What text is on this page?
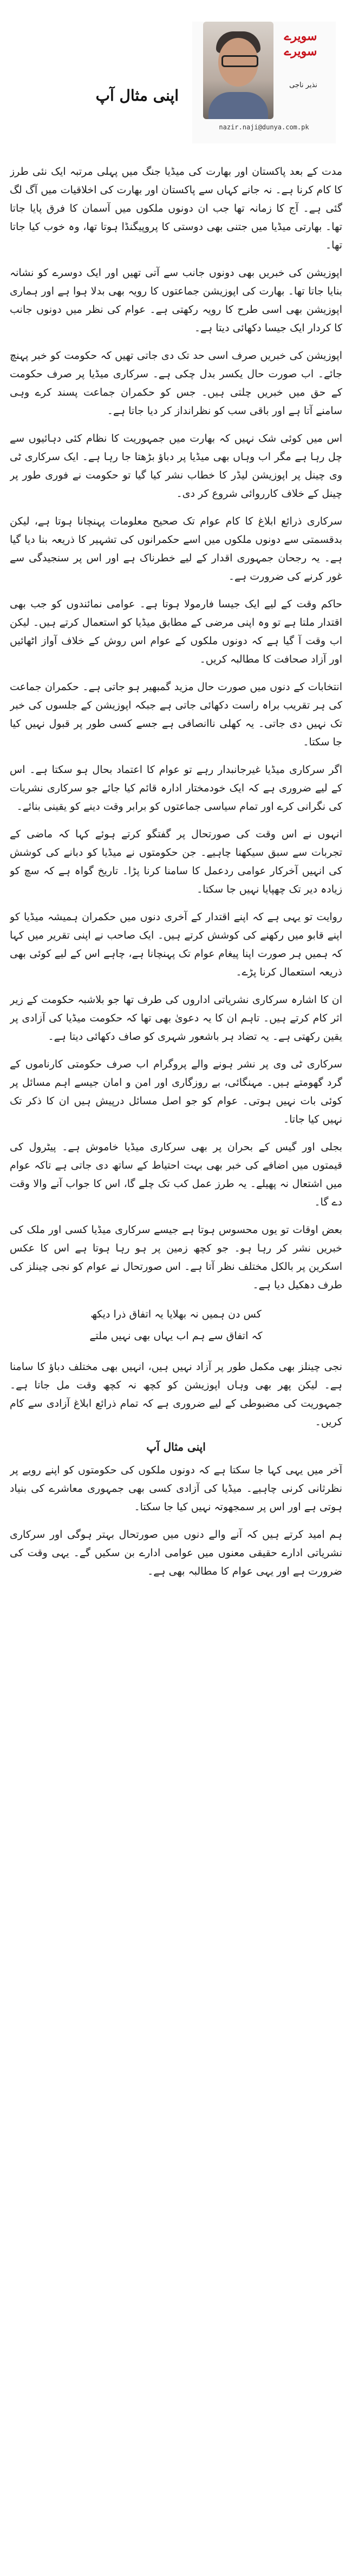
سویرے
سویرے
نذیر ناجی
nazir.naji@dunya.com.pk
اپنی مثال آپ

مدت کے بعد پاکستان اور بھارت کی میڈیا جنگ میں پہلی مرتبہ ایک نئی طرز کا کام کرنا ہے۔ نہ جانے کہاں سے پاکستان اور بھارت کی اخلاقیات میں آگ لگ گئی ہے۔ آج کا زمانہ تھا جب ان دونوں ملکوں میں آسمان کا فرق پایا جاتا تھا۔ بھارتی میڈیا میں جتنی بھی دوستی کا پروپیگنڈا ہوتا تھا، وہ خوب کیا جاتا تھا۔

اپوزیشن کی خبریں بھی دونوں جانب سے آتی تھیں اور ایک دوسرے کو نشانہ بنایا جاتا تھا۔ بھارت کی اپوزیشن جماعتوں کا رویہ بھی بدلا ہوا ہے اور ہماری اپوزیشن بھی اسی طرح کا رویہ رکھتی ہے۔ عوام کی نظر میں دونوں جانب کا کردار ایک جیسا دکھائی دیتا ہے۔

اپوزیشن کی خبریں صرف اسی حد تک دی جاتی تھیں کہ حکومت کو خبر پہنچ جائے۔ اب صورت حال یکسر بدل چکی ہے۔ سرکاری میڈیا پر صرف حکومت کے حق میں خبریں چلتی ہیں۔ جس کو حکمران جماعت پسند کرے وہی سامنے آتا ہے اور باقی سب کو نظرانداز کر دیا جاتا ہے۔

اس میں کوئی شک نہیں کہ بھارت میں جمہوریت کا نظام کئی دہائیوں سے چل رہا ہے مگر اب وہاں بھی میڈیا پر دباؤ بڑھتا جا رہا ہے۔ ایک سرکاری ٹی وی چینل پر اپوزیشن لیڈر کا خطاب نشر کیا گیا تو حکومت نے فوری طور پر چینل کے خلاف کارروائی شروع کر دی۔

سرکاری ذرائع ابلاغ کا کام عوام تک صحیح معلومات پہنچانا ہوتا ہے، لیکن بدقسمتی سے دونوں ملکوں میں اسے حکمرانوں کی تشہیر کا ذریعہ بنا دیا گیا ہے۔ یہ رجحان جمہوری اقدار کے لیے خطرناک ہے اور اس پر سنجیدگی سے غور کرنے کی ضرورت ہے۔

حاکم وقت کے لیے ایک جیسا فارمولا ہوتا ہے۔ عوامی نمائندوں کو جب بھی اقتدار ملتا ہے تو وہ اپنی مرضی کے مطابق میڈیا کو استعمال کرتے ہیں۔ لیکن اب وقت آ گیا ہے کہ دونوں ملکوں کے عوام اس روش کے خلاف آواز اٹھائیں اور آزاد صحافت کا مطالبہ کریں۔

انتخابات کے دنوں میں صورت حال مزید گمبھیر ہو جاتی ہے۔ حکمران جماعت کی ہر تقریب براہ راست دکھائی جاتی ہے جبکہ اپوزیشن کے جلسوں کی خبر تک نہیں دی جاتی۔ یہ کھلی ناانصافی ہے جسے کسی طور پر قبول نہیں کیا جا سکتا۔

اگر سرکاری میڈیا غیرجانبدار رہے تو عوام کا اعتماد بحال ہو سکتا ہے۔ اس کے لیے ضروری ہے کہ ایک خودمختار ادارہ قائم کیا جائے جو سرکاری نشریات کی نگرانی کرے اور تمام سیاسی جماعتوں کو برابر وقت دینے کو یقینی بنائے۔

انہوں نے اس وقت کی صورتحال پر گفتگو کرتے ہوئے کہا کہ ماضی کے تجربات سے سبق سیکھنا چاہیے۔ جن حکومتوں نے میڈیا کو دبانے کی کوشش کی انہیں آخرکار عوامی ردعمل کا سامنا کرنا پڑا۔ تاریخ گواہ ہے کہ سچ کو زیادہ دیر تک چھپایا نہیں جا سکتا۔

روایت تو یہی ہے کہ اپنے اقتدار کے آخری دنوں میں حکمران ہمیشہ میڈیا کو اپنے قابو میں رکھنے کی کوشش کرتے ہیں۔ ایک صاحب نے اپنی تقریر میں کہا کہ ہمیں ہر صورت اپنا پیغام عوام تک پہنچانا ہے، چاہے اس کے لیے کوئی بھی ذریعہ استعمال کرنا پڑے۔

ان کا اشارہ سرکاری نشریاتی اداروں کی طرف تھا جو بلاشبہ حکومت کے زیر اثر کام کرتے ہیں۔ تاہم ان کا یہ دعویٰ بھی تھا کہ حکومت میڈیا کی آزادی پر یقین رکھتی ہے۔ یہ تضاد ہر باشعور شہری کو صاف دکھائی دیتا ہے۔

سرکاری ٹی وی پر نشر ہونے والے پروگرام اب صرف حکومتی کارناموں کے گرد گھومتے ہیں۔ مہنگائی، بے روزگاری اور امن و امان جیسے اہم مسائل پر کوئی بات نہیں ہوتی۔ عوام کو جو اصل مسائل درپیش ہیں ان کا ذکر تک نہیں کیا جاتا۔

بجلی اور گیس کے بحران پر بھی سرکاری میڈیا خاموش ہے۔ پیٹرول کی قیمتوں میں اضافے کی خبر بھی بہت احتیاط کے ساتھ دی جاتی ہے تاکہ عوام میں اشتعال نہ پھیلے۔ یہ طرز عمل کب تک چلے گا، اس کا جواب آنے والا وقت دے گا۔

بعض اوقات تو یوں محسوس ہوتا ہے جیسے سرکاری میڈیا کسی اور ملک کی خبریں نشر کر رہا ہو۔ جو کچھ زمین پر ہو رہا ہوتا ہے اس کا عکس اسکرین پر بالکل مختلف نظر آتا ہے۔ اس صورتحال نے عوام کو نجی چینلز کی طرف دھکیل دیا ہے۔

کس دن ہمیں نہ بھلایا یہ اتفاق ذرا دیکھ
کہ اتفاق سے ہم اب یہاں بھی نہیں ملتے

نجی چینلز بھی مکمل طور پر آزاد نہیں ہیں، انہیں بھی مختلف دباؤ کا سامنا ہے۔ لیکن پھر بھی وہاں اپوزیشن کو کچھ نہ کچھ وقت مل جاتا ہے۔ جمہوریت کی مضبوطی کے لیے ضروری ہے کہ تمام ذرائع ابلاغ آزادی سے کام کریں۔

اپنی مثال آپ

آخر میں یہی کہا جا سکتا ہے کہ دونوں ملکوں کی حکومتوں کو اپنے رویے پر نظرثانی کرنی چاہیے۔ میڈیا کی آزادی کسی بھی جمہوری معاشرے کی بنیاد ہوتی ہے اور اس پر سمجھوتہ نہیں کیا جا سکتا۔

ہم امید کرتے ہیں کہ آنے والے دنوں میں صورتحال بہتر ہوگی اور سرکاری نشریاتی ادارے حقیقی معنوں میں عوامی ادارے بن سکیں گے۔ یہی وقت کی ضرورت ہے اور یہی عوام کا مطالبہ بھی ہے۔
